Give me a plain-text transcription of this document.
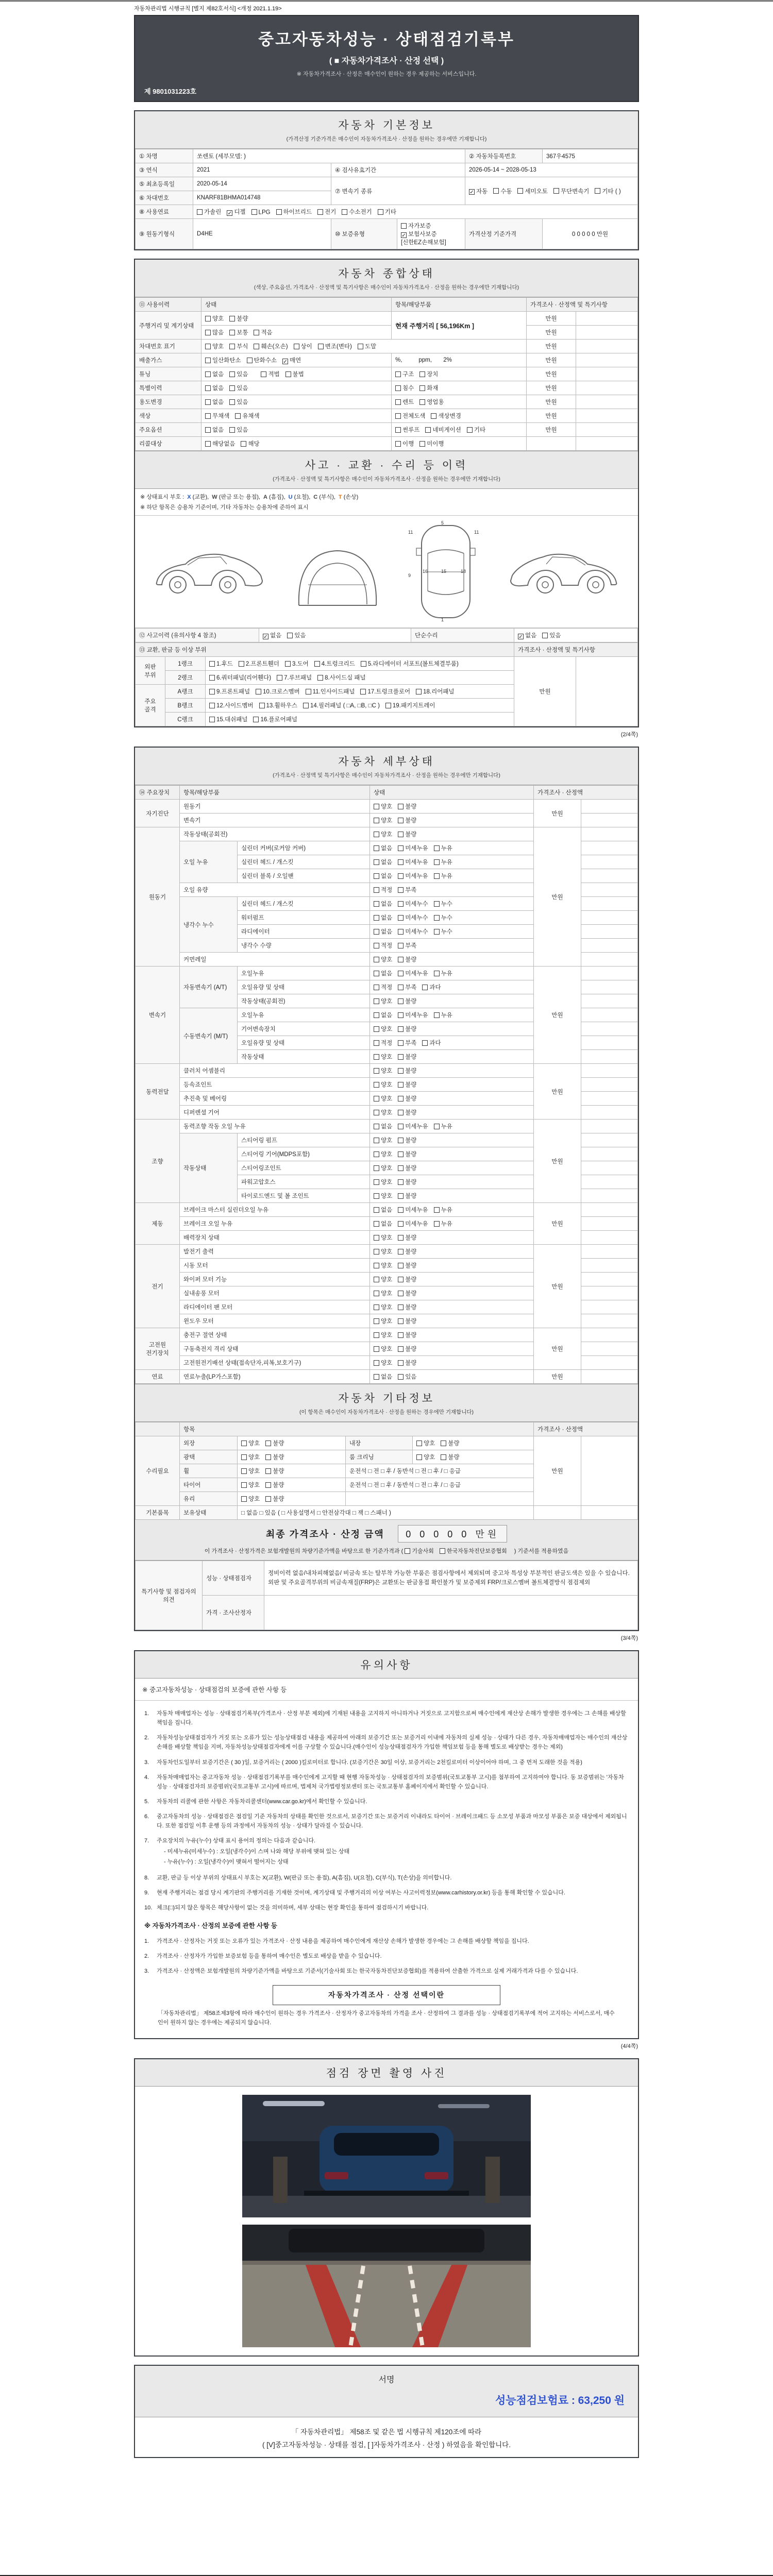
자동차관리법 시행규칙 [별지 제82호서식] <개정 2021.1.19>
중고자동차성능 · 상태점검기록부
( ■ 자동차가격조사 · 산정 선택 )
※ 자동차가격조사 · 산정은 매수인이 원하는 경우 제공하는 서비스입니다.
제 9801031223호
자동차 기본정보
(가격산정 기준가격은 매수인이 자동차가격조사 · 산정을 원하는 경우에만 기재합니다)
① 차명	쏘렌토 (세부모델: )			② 자동차등록번호	367우4575
③ 연식	2021	④ 검사유효기간		2026-05-14 ~ 2028-05-13	
⑤ 최초등록일	2020-05-14	⑦ 변속기 종류		✓ 자동 수동 세미오토 무단변속기 기타 ( )	
⑥ 차대번호	KNARF81BHMA014748				
⑧ 사용연료	가솔린 ✓ 디젤 LPG 하이브리드 전기 수소전기 기타				
⑨ 원동기형식	D4HE	⑩ 보증유형	자가보증✓ 보험사보증 [신한EZ손해보험]	가격산정 기준가격	0 0 0 0 0 만원
자동차 종합상태
(색상, 주요옵션, 가격조사 · 산정액 및 특기사항은 매수인이 자동차가격조사 · 산정을 원하는 경우에만 기재합니다)
⑪ 사용이력	상태	항목/해당부품	가격조사 · 산정액 및 특기사항	
주행거리 및 계기상태	양호 불량	현재 주행거리 [ 56,196Km ]	만원	
	많음 보통 적음		만원	
차대번호 표기	양호 부식 훼손(오손) 상이 변조(변타) 도말		만원	
배출가스	일산화탄소 탄화수소 ✓ 매연	%,          ppm,       2%	만원	
튜닝	없음 있음 적법 불법	구조 장치	만원	
특별이력	없음 있음	침수 화재	만원	
용도변경	없음 있음	렌트 영업용	만원	
색상	무채색 유채색	전체도색 색상변경	만원	
주요옵션	없음 있음	썬루프 네비게이션 기타	만원	
리콜대상	해당없음 해당	이행 미이행		
사고 · 교환 · 수리 등 이력
(가격조사 · 산정액 및 특기사항은 매수인이 자동차가격조사 · 산정을 원하는 경우에만 기재합니다)
※ 상태표시 부호 : X (교환), W (판금 또는 용접), A (흠집), U (요철), C (부식), T (손상)
※ 하단 항목은 승용차 기준이며, 기타 자동차는 승용차에 준하여 표시
11
5
1
9
11
16	18
15
⑫ 사고이력 (유의사항 4 참조)	✓ 없음 있음	단순수리	✓ 없음 있음
⑬ 교환, 판금 등 이상 부위			가격조사 · 산정액 및 특기사항	
외판 부위	1랭크	1.후드 2.프론트휀더 3.도어 4.트렁크리드 5.라디에이터 서포트(볼트체결부품)	만원	
	2랭크	6.쿼터패널(리어휀다) 7.루브패널 8.사이드실 패널		
주요 골격	A랭크	9.프론트패널 10.크로스멤버 11.인사이드패널 17.트렁크플로어 18.리어패널		
	B랭크	12.사이드멤버 13.휠하우스 14.필러패널 ( □A, □B, □C ) 19.패키지트레이		
	C랭크	15.대쉬패널 16.플로어패널		
(2/4쪽)
자동차 세부상태
(가격조사 · 산정액 및 특기사항은 매수인이 자동차가격조사 · 산정을 원하는 경우에만 기재합니다)
⑭ 주요장치	항목/해당부품		상태	가격조사 · 산정액	
자기진단	원동기		양호 불량	만원	
	변속기		양호 불량		
원동기	작동상태(공회전)		양호 불량	만원	
	오일 누유	실린더 커버(로커암 커버)	없음 미세누유 누유		
		실린더 헤드 / 개스킷	없음 미세누유 누유		
		실린더 블록 / 오일팬	없음 미세누유 누유		
	오일 유량		적정 부족		
	냉각수 누수	실린더 헤드 / 개스킷	없음 미세누수 누수		
		워터펌프	없음 미세누수 누수		
		라디에이터	없음 미세누수 누수		
		냉각수 수량	적정 부족		
	커먼레일		양호 불량		
변속기	자동변속기 (A/T)	오일누유	없음 미세누유 누유	만원	
		오일유량 및 상태	적정 부족 과다		
		작동상태(공회전)	양호 불량		
	수동변속기 (M/T)	오일누유	없음 미세누유 누유		
		기어변속장치	양호 불량		
		오일유량 및 상태	적정 부족 과다		
		작동상태	양호 불량		
동력전달	클러치 어셈블리		양호 불량	만원	
	등속죠인트		양호 불량		
	추진축 및 베어링		양호 불량		
	디퍼렌셜 기어		양호 불량		
조향	동력조향 작동 오일 누유		없음 미세누유 누유	만원	
	작동상태	스티어링 펌프	양호 불량		
		스티어링 기어(MDPS포함)	양호 불량		
		스티어링조인트	양호 불량		
		파워고압호스	양호 불량		
		타이로드엔드 및 볼 조인트	양호 불량		
제동	브레이크 마스터 실린더오일 누유		없음 미세누유 누유	만원	
	브레이크 오일 누유		없음 미세누유 누유		
	배력장치 상태		양호 불량		
전기	발전기 출력		양호 불량	만원	
	시동 모터		양호 불량		
	와이퍼 모터 기능		양호 불량		
	실내송풍 모터		양호 불량		
	라디에이터 팬 모터		양호 불량		
	윈도우 모터		양호 불량		
고전원 전기장치	충전구 절연 상태		양호 불량	만원	
	구동축전지 격리 상태		양호 불량		
	고전원전기배선 상태(접속단자,피복,보호기구)		양호 불량		
연료	연료누출(LP가스포함)		없음 있음	만원	
자동차 기타정보
(이 항목은 매수인이 자동차가격조사 · 산정을 원하는 경우에만 기재합니다)
	항목				가격조사 · 산정액	
수리필요	외장	양호 불량	내장	양호 불량	만원	
	광택	양호 불량	룸 크리닝	양호 불량		
	휠	양호 불량	운전석 □ 전 □ 후 / 동반석 □ 전 □ 후 / □ 응급			
	타이어	양호 불량	운전석 □ 전 □ 후 / 동반석 □ 전 □ 후 / □ 응급			
	유리	양호 불량				
기본품목	보유상태	□ 없음 □ 있음 ( □ 사용설명서 □ 안전삼각대 □ 잭 □ 스패너 )				
최종 가격조사 · 산정 금액 0 0 0 0 0 만원
이 가격조사 · 산정가격은 보험개발원의 차량기준가액을 바탕으로 한 기준가격과 ( 기술사회 한국자동차진단보증협회 ) 기준서를 적용하였음
특기사항 및 점검자의 의견	성능 · 상태점검자	정비이력 없음/내차피해없음/ 비금속 또는 탈부착 가능한 부품은 점검사항에서 제외되며 중고차 특성상 부분적인 판금도색은 있을 수 있습니다. 외판 및 주요골격부위의 비금속재질(FRP)은 교환또는 판금용접 확인불가 및 보증제외 FRP/크로스멤버 볼트체결방식 점검제외
	가격 · 조사산정자	
(3/4쪽)
유의사항
※ 중고자동차성능 · 상태점검의 보증에 관한 사항 등
1.	자동차 매매업자는 성능 · 상태점검기록부(가격조사 · 산정 부분 제외)에 기재된 내용을 고지하지 아니하거나 거짓으로 고지함으로써 매수인에게 재산상 손해가 발생한 경우에는 그 손해를 배상할 책임을 집니다.
2.	자동차성능상태점검자가 거짓 또는 오류가 있는 성능상태점검 내용을 제공하여 아래의 보증기간 또는 보증거리 이내에 자동차의 실제 성능 · 상태가 다른 경우, 자동차매매업자는 매수인의 재산상 손해를 배상할 책임을 지며, 자동차성능상태점검자에게 이를 구상할 수 있습니다.(매수인이 성능상태점검자가 가입한 책임보험 등을 통해 별도로 배상받는 경우는 제외)
3.	자동차인도일부터 보증기간은 ( 30 )일, 보증거리는 ( 2000 )킬로미터로 합니다. (보증기간은 30일 이상, 보증거리는 2천킬로미터 이상이어야 하며, 그 중 먼저 도래한 것을 적용)
4.	자동차매매업자는 중고자동차 성능 · 상태점검기록부를 매수인에게 고지할 때 현행 자동차성능 · 상태점검자의 보증범위(국토교통부 고시)를 첨부하여 고지하여야 합니다. 동 보증범위는 '자동차성능 · 상태점검자의 보증범위'(국토교통부 고시)에 따르며, 법제처 국가법령정보센터 또는 국토교통부 홈페이지에서 확인할 수 있습니다.
5.	자동차의 리콜에 관한 사항은 자동차리콜센터(www.car.go.kr)에서 확인할 수 있습니다.
6.	중고자동차의 성능 · 상태점검은 점검일 기준 자동차의 상태를 확인한 것으로서, 보증기간 또는 보증거리 이내라도 타이어 · 브레이크패드 등 소모성 부품과 마모성 부품은 보증 대상에서 제외됩니다. 또한 점검일 이후 운행 등의 과정에서 자동차의 성능 · 상태가 달라질 수 있습니다.
7.	주요장치의 누유(누수) 상태 표시 용어의 정의는 다음과 같습니다.
- 미세누유(미세누수) : 오일(냉각수)이 스며 나와 해당 부위에 맺혀 있는 상태
- 누유(누수) : 오일(냉각수)이 맺혀서 떨어지는 상태
8.	교환, 판금 등 이상 부위의 상태표시 부호는 X(교환), W(판금 또는 용접), A(흠집), U(요철), C(부식), T(손상)을 의미합니다.
9.	현재 주행거리는 점검 당시 계기판의 주행거리를 기재한 것이며, 계기상태 및 주행거리의 이상 여부는 사고이력정보(www.carhistory.or.kr) 등을 통해 확인할 수 있습니다.
10. 체크(□)되지 않은 항목은 해당사항이 없는 것을 의미하며, 세부 상태는 현장 확인을 통하여 점검하시기 바랍니다.
※ 자동차가격조사 · 산정의 보증에 관한 사항 등
1.	가격조사 · 산정자는 거짓 또는 오류가 있는 가격조사 · 산정 내용을 제공하여 매수인에게 재산상 손해가 발생한 경우에는 그 손해를 배상할 책임을 집니다.
2.	가격조사 · 산정자가 가입한 보증보험 등을 통하여 매수인은 별도로 배상을 받을 수 있습니다.
3.	가격조사 · 산정액은 보험개발원의 차량기준가액을 바탕으로 기준서(기술사회 또는 한국자동차진단보증협회)를 적용하여 산출한 가격으로 실제 거래가격과 다를 수 있습니다.
자동차가격조사 · 산정 선택이란
「자동차관리법」 제58조제3항에 따라 매수인이 원하는 경우 가격조사 · 산정자가 중고자동차의 가격을 조사 · 산정하여 그 결과를 성능 · 상태점검기록부에 적어 고지하는 서비스로서, 매수인이 원하지 않는 경우에는 제공되지 않습니다.
(4/4쪽)
점검 장면 촬영 사진
서명
성능점검보험료 : 63,250 원
「 자동차관리법」 제58조 및 같은 법 시행규칙 제120조에 따라
( [V]중고자동차성능 · 상태를 점검, [ ]자동차가격조사 · 산정 ) 하였음을 확인합니다.
